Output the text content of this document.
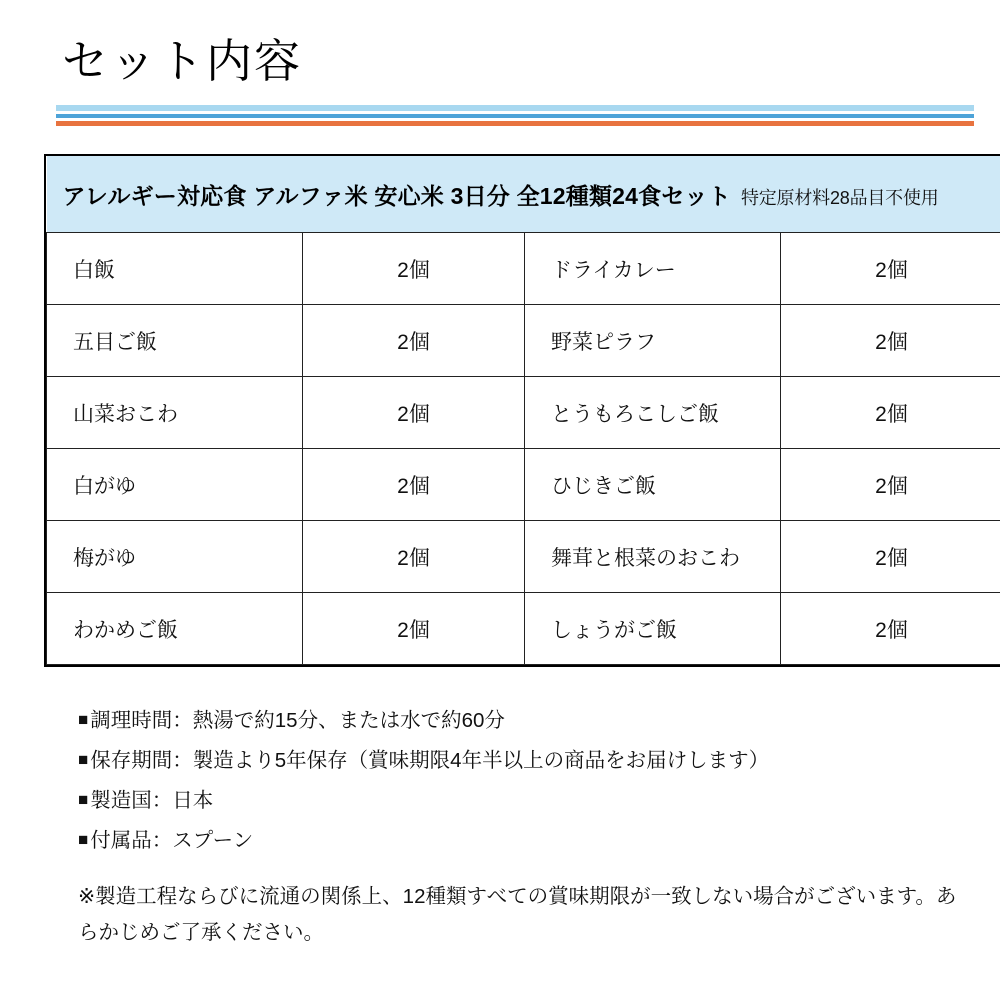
セット内容
アレルギー対応食 アルファ米 安心米 3日分 全12種類24食セット 特定原材料28品目不使用			
白飯	2個	ドライカレー	2個
五目ご飯	2個	野菜ピラフ	2個
山菜おこわ	2個	とうもろこしご飯	2個
白がゆ	2個	ひじきご飯	2個
梅がゆ	2個	舞茸と根菜のおこわ	2個
わかめご飯	2個	しょうがご飯	2個
■調理時間：熱湯で約15分、または水で約60分
■保存期間：製造より5年保存（賞味期限4年半以上の商品をお届けします）
■製造国：日本
■付属品：スプーン
※製造工程ならびに流通の関係上、12種類すべての賞味期限が一致しない場合がございます。あらかじめご了承ください。
